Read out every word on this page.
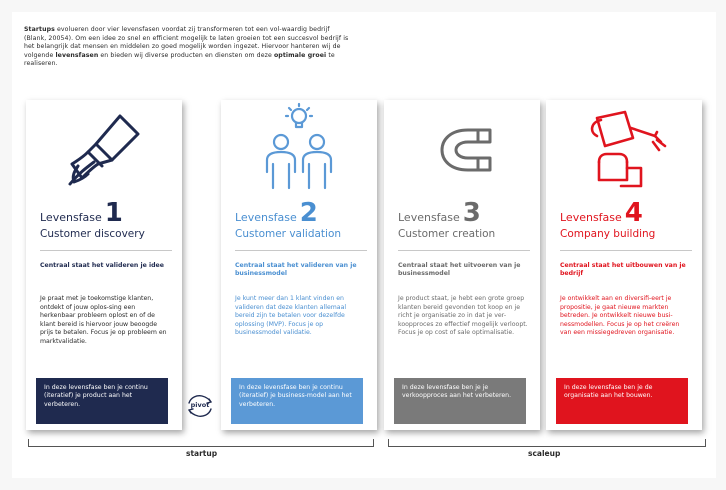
Startups evolueren door vier levensfasen voordat zij transformeren tot een vol-waardig bedrijf (Blank, 20054). Om een idee zo snel en efficient mogelijk te laten groeien tot een succesvol bedrijf is het belangrijk dat mensen en middelen zo goed mogelijk worden ingezet. Hiervoor hanteren wij de volgende levensfasen en bieden wij diverse producten en diensten om deze optimale groei te realiseren.

Levensfase 1
Customer discovery
Centraal staat het valideren je idee
Je praat met je toekomstige klanten, ontdekt of jouw oplos-sing een herkenbaar probleem oplost en of de klant bereid is hiervoor jouw beoogde prijs te betalen. Focus je op probleem en marktvalidatie.
In deze levensfase ben je continu (iteratief) je product aan het verbeteren.
Levensfase 2
Customer validation
Centraal staat het valideren van je businessmodel
Je kunt meer dan 1 klant vinden en valideren dat deze klanten allemaal bereid zijn te betalen voor dezelfde oplossing (MVP). Focus je op businessmodel validatie.
In deze levensfase ben je continu (iteratief) je business-model aan het verbeteren.
Levensfase 3
Customer creation
Centraal staat het uitvoeren van je businessmodel
Je product staat, je hebt een grote groep klanten bereid gevonden tot koop en je richt je organisatie zo in dat je ver-koopproces zo effectief mogelijk verloopt. Focus je op cost of sale optimalisatie.
In deze levensfase ben je je verkoopproces aan het verbeteren.
Levensfase 4
Company building
Centraal staat het uitbouwen van je bedrijf
Je ontwikkelt aan en diversifi-eert je propositie, je gaat nieuwe markten betreden. Je ontwikkelt nieuwe busi-nessmodellen. Focus je op het creëren van een missiegedreven organisatie.
In deze levensfase ben je de organisatie aan het bouwen.
pivot
startup	scaleup
